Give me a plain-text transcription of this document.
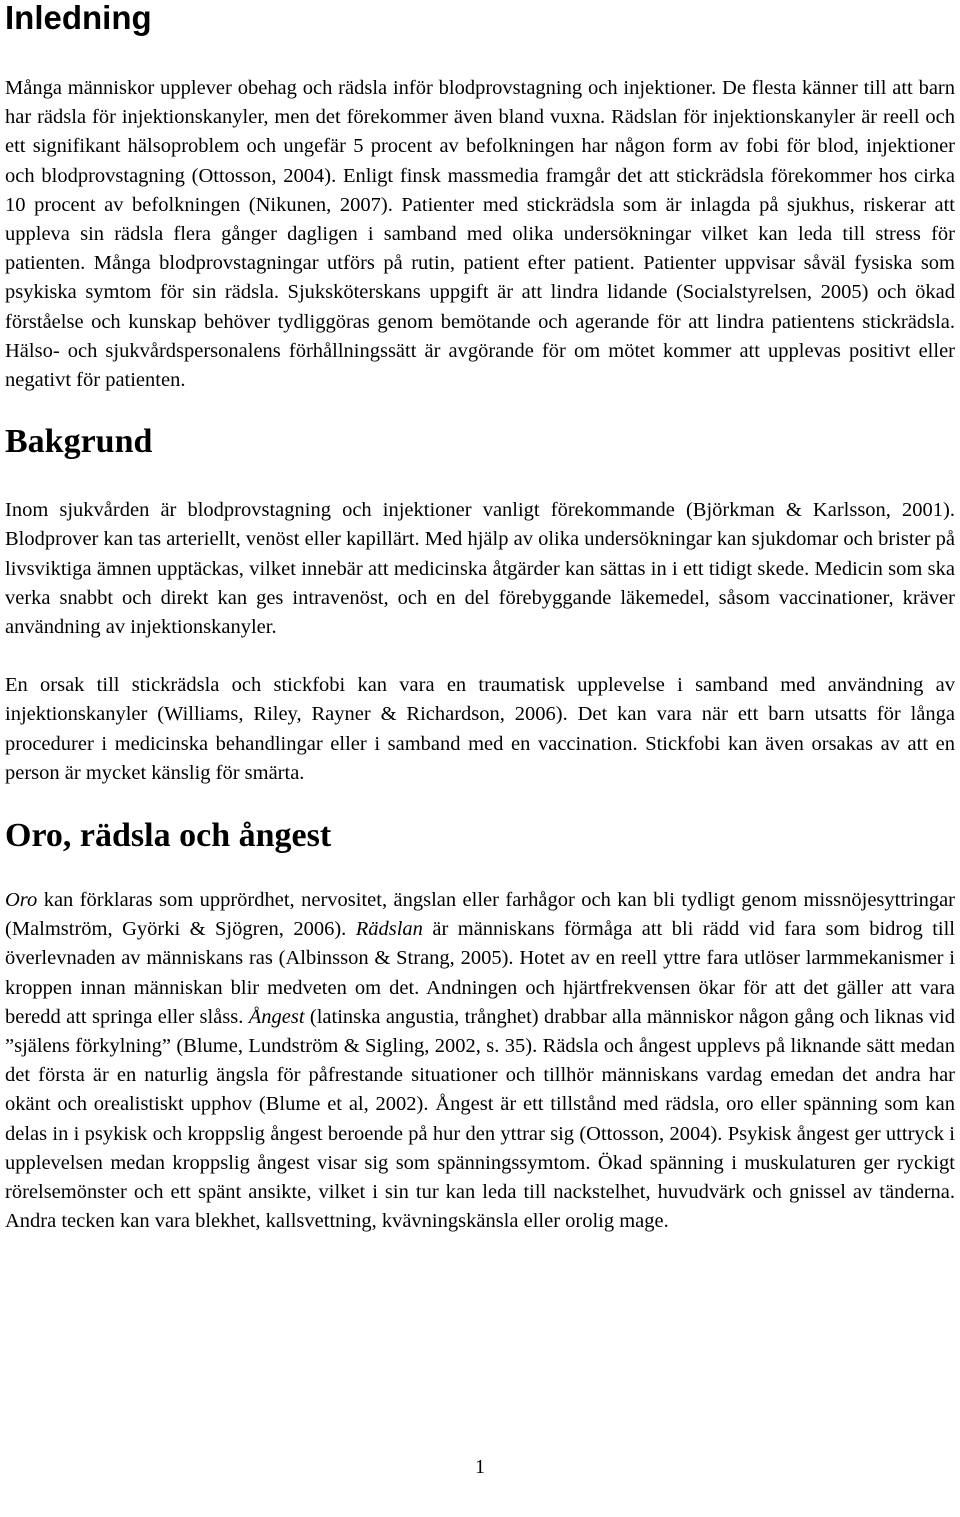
Inledning

Många människor upplever obehag och rädsla inför blodprovstagning och injektioner. De flesta känner till att barn har rädsla för injektionskanyler, men det förekommer även bland vuxna. Rädslan för injektionskanyler är reell och ett signifikant hälsoproblem och ungefär 5 procent av befolkningen har någon form av fobi för blod, injektioner och blodprovstagning (Ottosson, 2004). Enligt finsk massmedia framgår det att stickrädsla förekommer hos cirka 10 procent av befolkningen (Nikunen, 2007). Patienter med stickrädsla som är inlagda på sjukhus, riskerar att uppleva sin rädsla flera gånger dagligen i samband med olika undersökningar vilket kan leda till stress för patienten. Många blodprovstagningar utförs på rutin, patient efter patient. Patienter uppvisar såväl fysiska som psykiska symtom för sin rädsla. Sjuksköterskans uppgift är att lindra lidande (Socialstyrelsen, 2005) och ökad förståelse och kunskap behöver tydliggöras genom bemötande och agerande för att lindra patientens stickrädsla. Hälso- och sjukvårdspersonalens förhållningssätt är avgörande för om mötet kommer att upplevas positivt eller negativt för patienten.

Bakgrund

Inom sjukvården är blodprovstagning och injektioner vanligt förekommande (Björkman & Karlsson, 2001). Blodprover kan tas arteriellt, venöst eller kapillärt. Med hjälp av olika undersökningar kan sjukdomar och brister på livsviktiga ämnen upptäckas, vilket innebär att medicinska åtgärder kan sättas in i ett tidigt skede. Medicin som ska verka snabbt och direkt kan ges intravenöst, och en del förebyggande läkemedel, såsom vaccinationer, kräver användning av injektionskanyler.

En orsak till stickrädsla och stickfobi kan vara en traumatisk upplevelse i samband med användning av injektionskanyler (Williams, Riley, Rayner & Richardson, 2006). Det kan vara när ett barn utsatts för långa procedurer i medicinska behandlingar eller i samband med en vaccination. Stickfobi kan även orsakas av att en person är mycket känslig för smärta.

Oro, rädsla och ångest

Oro kan förklaras som upprördhet, nervositet, ängslan eller farhågor och kan bli tydligt genom missnöjesyttringar (Malmström, Györki & Sjögren, 2006). Rädslan är människans förmåga att bli rädd vid fara som bidrog till överlevnaden av människans ras (Albinsson & Strang, 2005). Hotet av en reell yttre fara utlöser larmmekanismer i kroppen innan människan blir medveten om det. Andningen och hjärtfrekvensen ökar för att det gäller att vara beredd att springa eller slåss. Ångest (latinska angustia, trånghet) drabbar alla människor någon gång och liknas vid ”själens förkylning” (Blume, Lundström & Sigling, 2002, s. 35). Rädsla och ångest upplevs på liknande sätt medan det första är en naturlig ängsla för påfrestande situationer och tillhör människans vardag emedan det andra har okänt och orealistiskt upphov (Blume et al, 2002). Ångest är ett tillstånd med rädsla, oro eller spänning som kan delas in i psykisk och kroppslig ångest beroende på hur den yttrar sig (Ottosson, 2004). Psykisk ångest ger uttryck i upplevelsen medan kroppslig ångest visar sig som spänningssymtom. Ökad spänning i muskulaturen ger ryckigt rörelsemönster och ett spänt ansikte, vilket i sin tur kan leda till nackstelhet, huvudvärk och gnissel av tänderna. Andra tecken kan vara blekhet, kallsvettning, kvävningskänsla eller orolig mage.

1
